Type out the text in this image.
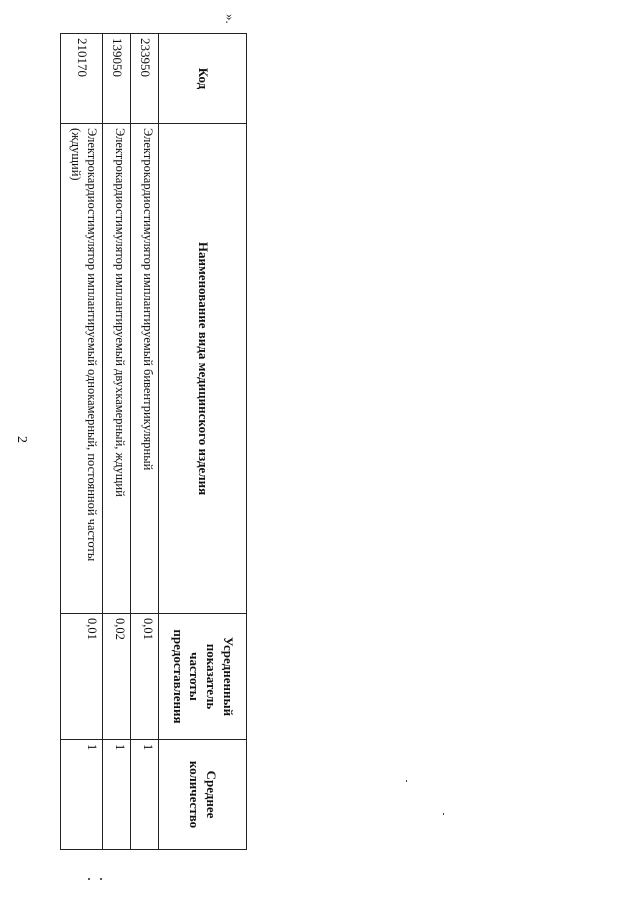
2
».
Код	Наименование вида медицинского изделия	Усредненный показатель частоты предоставления	Среднее количество
233950	Электрокардиостимулятор имплантируемый бивентрикулярный	0,01	1
139050	Электрокардиостимулятор имплантируемый двухкамерный, ждущий	0,02	1
210170	Электрокардиостимулятор имплантируемый однокамерный, постоянной частоты (ждущий)	0,01	1
